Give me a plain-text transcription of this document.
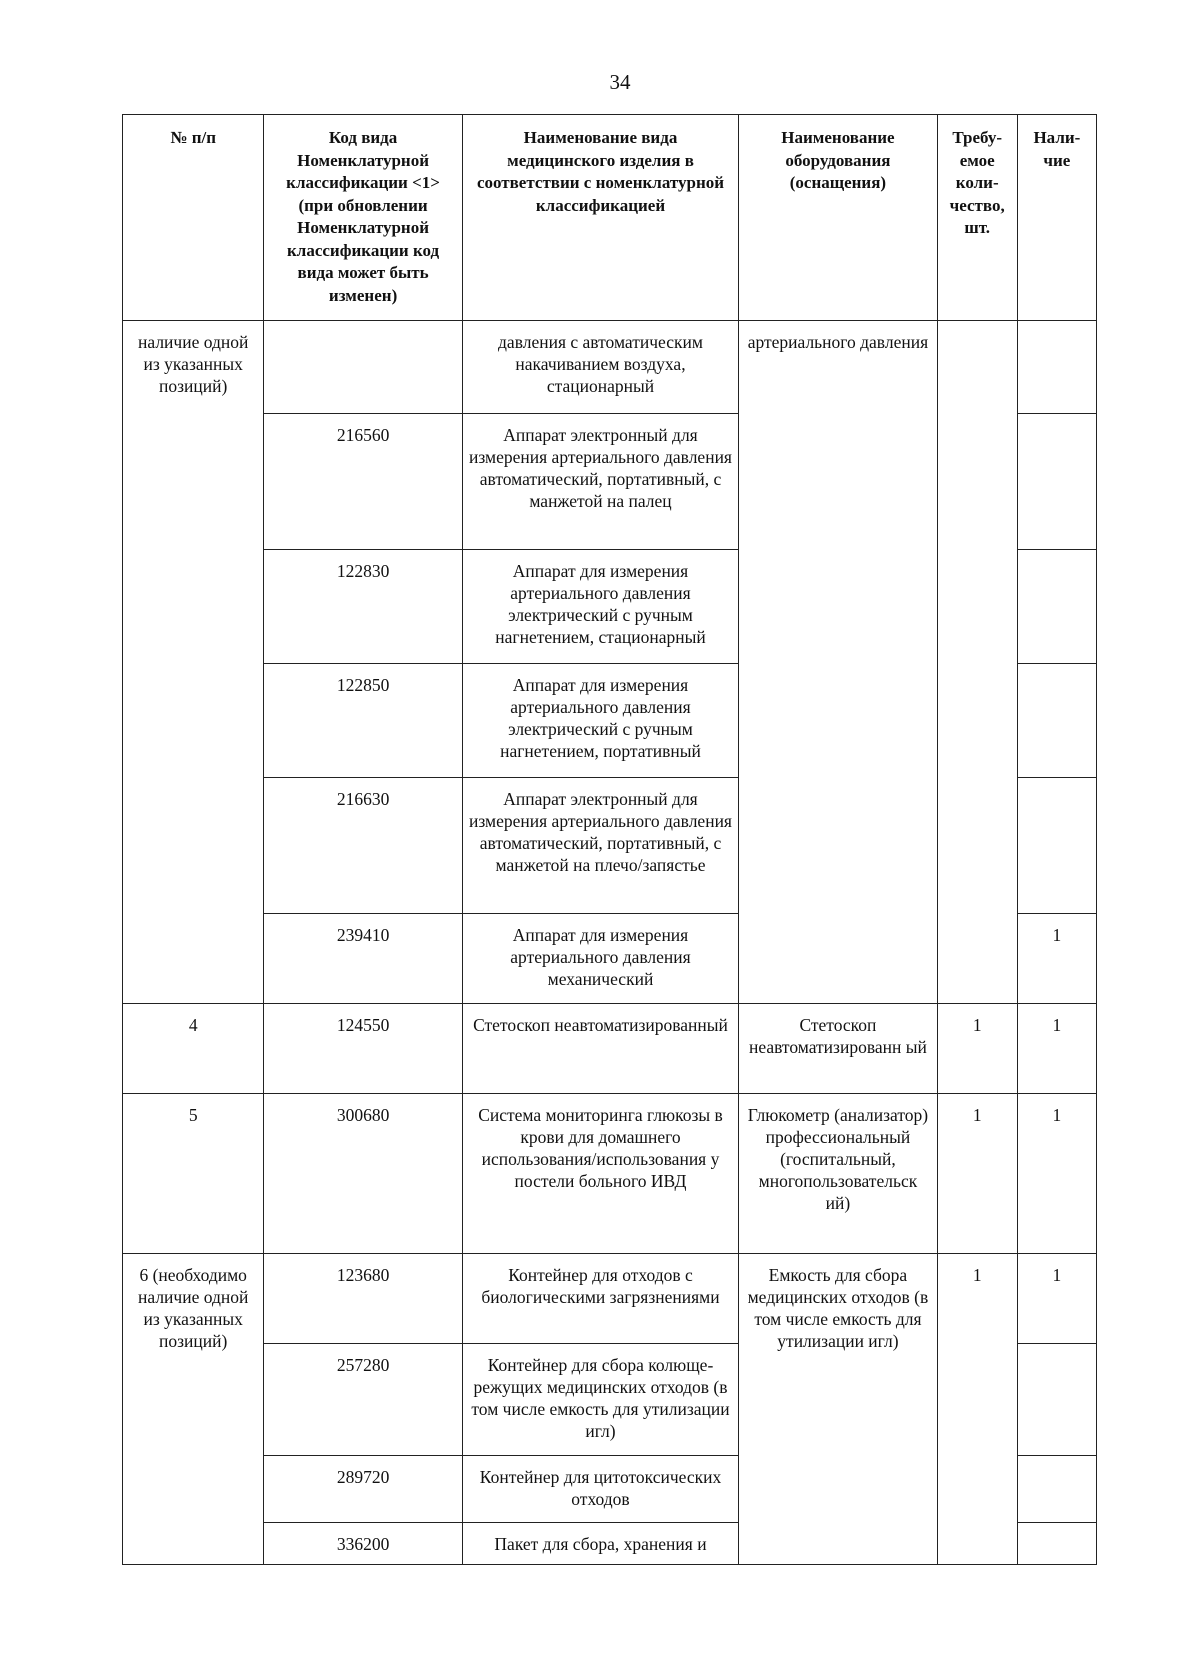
34
№ п/п	Код вида Номенклатурной классификации <1> (при обновлении Номенклатурной классификации код вида может быть изменен)	Наименование вида медицинского изделия в соответствии с номенклатурной классификацией	Наименование оборудования (оснащения)	Требу-емое коли-чество, шт.	Нали-чие
наличие одной из указанных позиций)		давления с автоматическим накачиванием воздуха, стационарный	артериального давления		
	216560	Аппарат электронный для измерения артериального давления автоматический, портативный, с манжетой на палец			
	122830	Аппарат для измерения артериального давления электрический с ручным нагнетением, стационарный			
	122850	Аппарат для измерения артериального давления электрический с ручным нагнетением, портативный			
	216630	Аппарат электронный для измерения артериального давления автоматический, портативный, с манжетой на плечо/запястье			
	239410	Аппарат для измерения артериального давления механический			1
4	124550	Стетоскоп неавтоматизированный	Стетоскоп неавтоматизированн ый	1	1
5	300680	Система мониторинга глюкозы в крови для домашнего использования/использования у постели больного ИВД	Глюкометр (анализатор) профессиональный (госпитальный, многопользовательск ий)	1	1
6 (необходимо наличие одной из указанных позиций)	123680	Контейнер для отходов с биологическими загрязнениями	Емкость для сбора медицинских отходов (в том числе емкость для утилизации игл)	1	1
	257280	Контейнер для сбора колюще-режущих медицинских отходов (в том числе емкость для утилизации игл)			
	289720	Контейнер для цитотоксических отходов			
	336200	Пакет для сбора, хранения и			
